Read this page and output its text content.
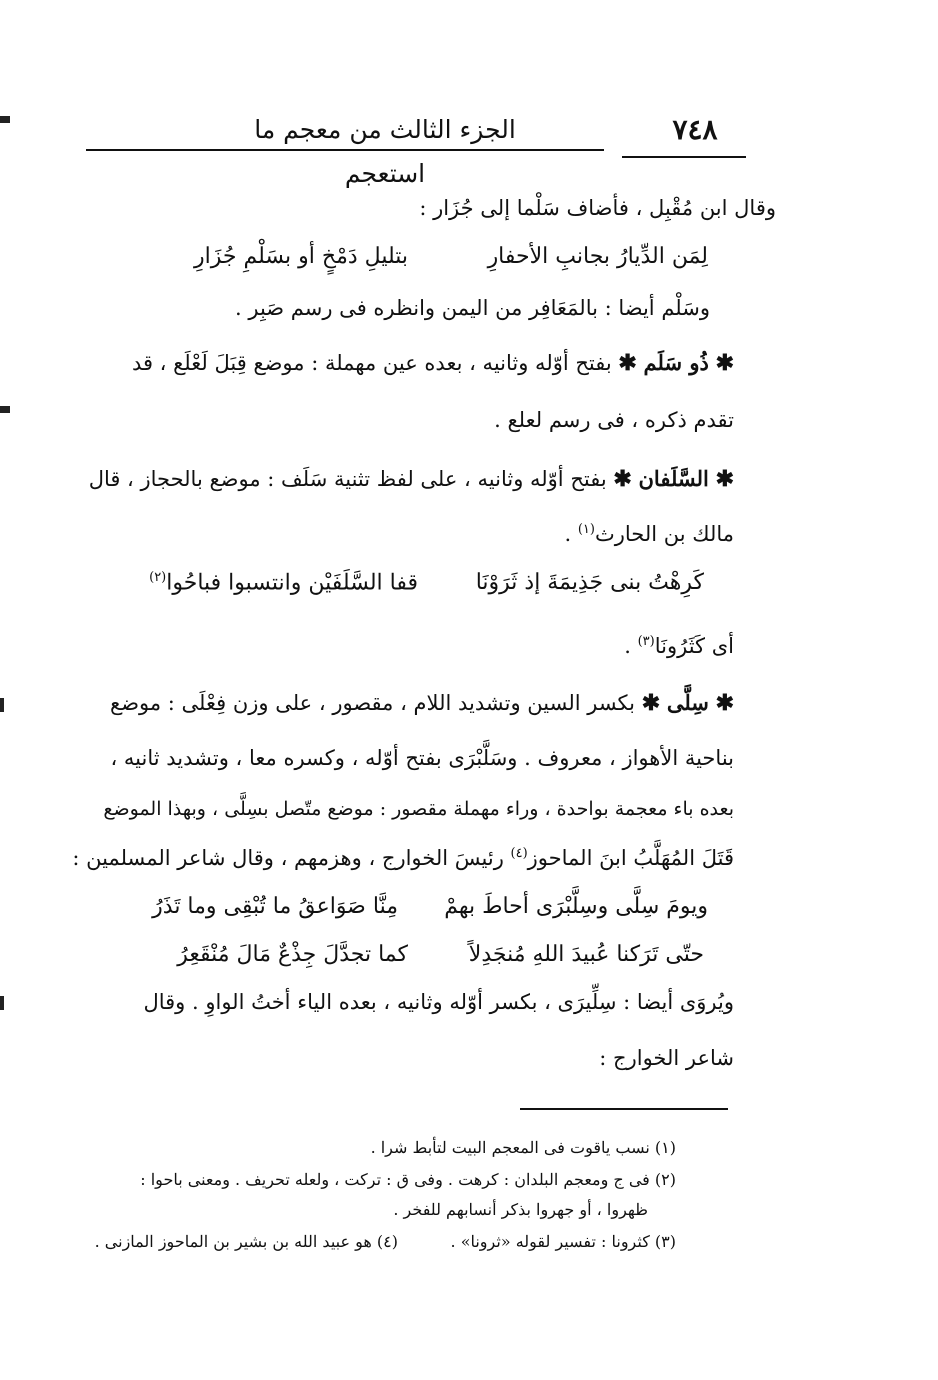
الجزء الثالث من معجم ما استعجم
٧٤٨
وقال ابن مُقْبِل ، فأضاف سَلْما إلى جُزَار :
لِمَن الدِّيارُ بجانبِ الأحفارِ
بتليلِ دَمْخٍ أو بسَلْمِ جُزَارِ
وسَلْم أيضا : بالمَعَافِر من اليمن وانظره فى رسم صَبِر .
✱ ذُو سَلَم ✱ بفتح أوّله وثانيه ، بعده عين مهملة : موضع قِبَلَ لَعْلَع ، قد
تقدم ذكره ، فى رسم لعلع .
✱ السَّلَفان ✱ بفتح أوّله وثانيه ، على لفظ تثنية سَلَف : موضع بالحجاز ، قال
مالك بن الحارث$^{(١)}$ .
كَرِهْتُ بنى جَذِيمَةَ إذ ثَرَوْنَا
قفا السَّلَفَيْن وانتسبوا فباحُوا$^{(٢)}$
أى كَثَرُونَا$^{(٣)}$ .
✱ سِلَّى ✱ بكسر السين وتشديد اللام ، مقصور ، على وزن فِعْلَى : موضع
بناحية الأهواز ، معروف . وسَلَّبْرَى بفتح أوّله ، وكسره معا ، وتشديد ثانيه ،
بعده باء معجمة بواحدة ، وراء مهملة مقصور : موضع متّصل بسِلَّى ، وبهذا الموضع
قَتَلَ المُهَلَّبُ ابنَ الماحوز$^{(٤)}$ رئيسَ الخوارج ، وهزمهم ، وقال شاعر المسلمين :
ويومَ سِلَّى وسِلَّبْرَى أحاطَ بهمْ
مِنَّا صَوَاعقُ ما تُبْقِى وما تَذَرُ
حتّى تَرَكنا عُبيدَ اللهِ مُنجَدِلاً
كما تجدَّلَ جِذْعٌ مَالَ مُنْقَعِرُ
ويُروَى أيضا : سِلِّيرَى ، بكسر أوّله وثانيه ، بعده الياء أختُ الواوِ . وقال
شاعر الخوارج :
(١) نسب ياقوت فى المعجم البيت لتأبط شرا .
(٢) فى ج ومعجم البلدان : كرهت . وفى ق : تركت ، ولعله تحريف . ومعنى باحوا :
ظهروا ، أو جهروا بذكر أنسابهم للفخر .
(٣) كثرونا : تفسير لقوله «ثرونا» .
(٤) هو عبيد الله بن بشير بن الماحوز المازنى .
